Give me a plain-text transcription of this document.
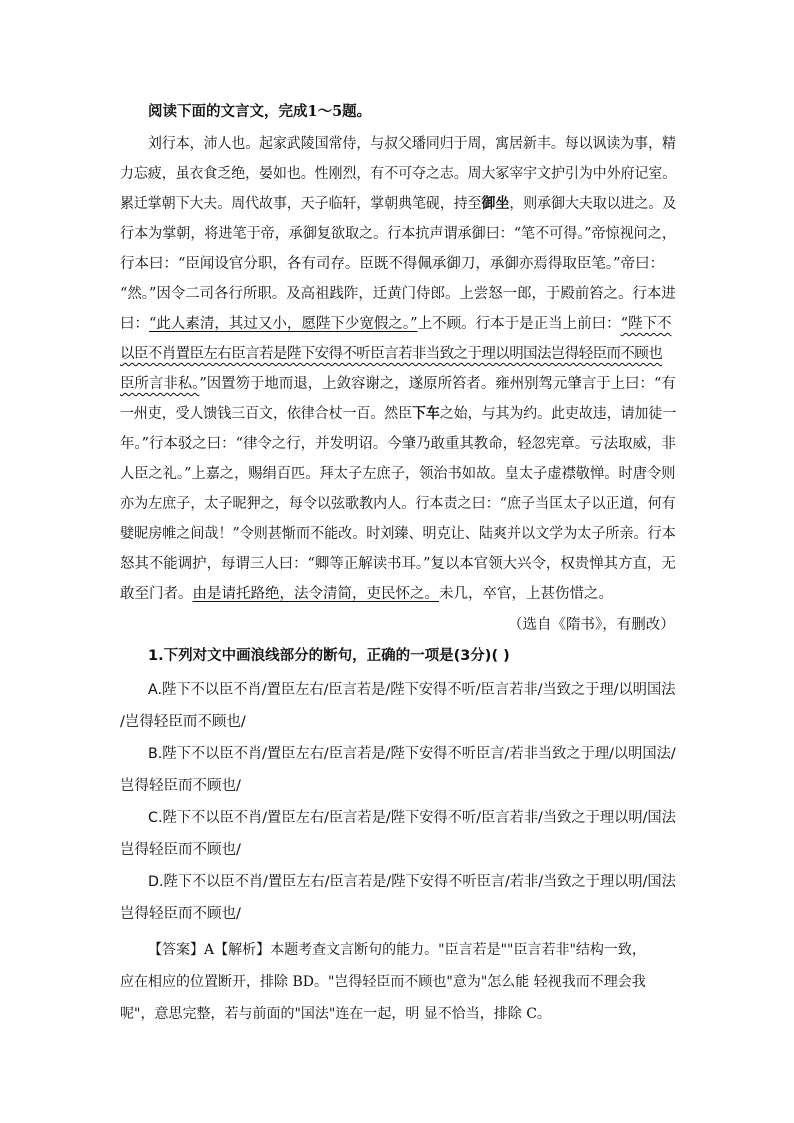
阅读下面的文言文，完成1～5题。
刘行本，沛人也。起家武陵国常侍，与叔父璠同归于周，寓居新丰。每以讽读为事，精
力忘疲，虽衣食乏绝，晏如也。性刚烈，有不可夺之志。周大冢宰宇文护引为中外府记室。
累迁掌朝下大夫。周代故事，天子临轩，掌朝典笔砚，持至御坐，则承御大夫取以进之。及
行本为掌朝，将进笔于帝，承御复欲取之。行本抗声谓承御曰：“笔不可得。”帝惊视问之，
行本曰：“臣闻设官分职，各有司存。臣既不得佩承御刀，承御亦焉得取臣笔。”帝曰：
“然。”因令二司各行所职。及高祖践阼，迁黄门侍郎。上尝怒一郎，于殿前笞之。行本进
曰：“此人素清，其过又小，愿陛下少宽假之。”上不顾。行本于是正当上前曰：“陛下不
以臣不肖置臣左右臣言若是陛下安得不听臣言若非当致之于理以明国法岂得轻臣而不顾也
臣所言非私。”因置笏于地而退，上敛容谢之，遂原所笞者。雍州别驾元肇言于上曰：“有
一州吏，受人馈钱三百文，依律合杖一百。然臣下车之始，与其为约。此吏故违，请加徒一
年。”行本驳之曰：“律令之行，并发明诏。今肇乃敢重其教命，轻忽宪章。亏法取威，非
人臣之礼。”上嘉之，赐绢百匹。拜太子左庶子，领治书如故。皇太子虚襟敬惮。时唐令则
亦为左庶子，太子昵狎之，每令以弦歌教内人。行本责之曰：“庶子当匡太子以正道，何有
嬖昵房帷之间哉！”令则甚惭而不能改。时刘臻、明克让、陆爽并以文学为太子所亲。行本
怒其不能调护，每谓三人曰：“卿等正解读书耳。”复以本官领大兴令，权贵惮其方直，无
敢至门者。由是请托路绝，法令清简，吏民怀之。未几，卒官，上甚伤惜之。
（选自《隋书》，有删改）
1.下列对文中画浪线部分的断句，正确的一项是(3分)( )
A.陛下不以臣不肖/置臣左右/臣言若是/陛下安得不听/臣言若非/当致之于理/以明国法
/岂得轻臣而不顾也/
B.陛下不以臣不肖/置臣左右/臣言若是/陛下安得不听臣言/若非当致之于理/以明国法/
岂得轻臣而不顾也/
C.陛下不以臣不肖/置臣左右/臣言若是/陛下安得不听/臣言若非/当致之于理以明/国法
岂得轻臣而不顾也/
D.陛下不以臣不肖/置臣左右/臣言若是/陛下安得不听臣言/若非/当致之于理以明/国法
岂得轻臣而不顾也/
【答案】A【解析】本题考查文言断句的能力。"臣言若是""臣言若非"结构一致，
应在相应的位置断开，排除 BD。"岂得轻臣而不顾也"意为"怎么能 轻视我而不理会我
呢"，意思完整，若与前面的"国法"连在一起，明 显不恰当，排除 C。
